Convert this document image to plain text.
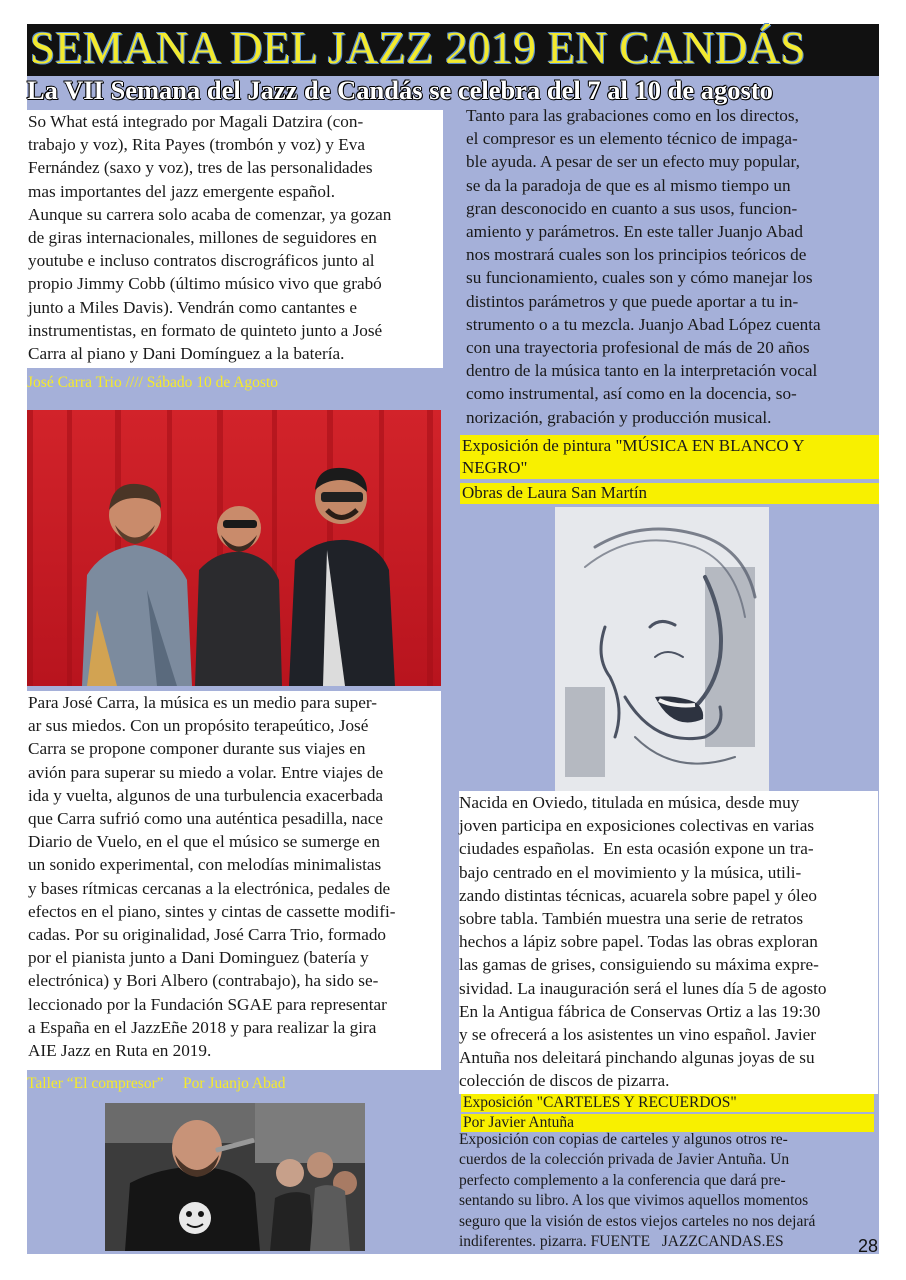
SEMANA DEL JAZZ 2019 EN CANDÁS
La VII Semana del Jazz de Candás se celebra del 7 al 10 de agosto
So What está integrado por Magali Datzira (con-
trabajo y voz), Rita Payes (trombón y voz) y Eva
Fernández (saxo y voz), tres de las personalidades
mas importantes del jazz emergente español.
Aunque su carrera solo acaba de comenzar, ya gozan
de giras internacionales, millones de seguidores en
youtube e incluso contratos discrográficos junto al
propio Jimmy Cobb (último músico vivo que grabó
junto a Miles Davis). Vendrán como cantantes e
instrumentistas, en formato de quinteto junto a José
Carra al piano y Dani Domínguez a la batería.
José Carra Trio //// Sábado 10 de Agosto
Para José Carra, la música es un medio para super-
ar sus miedos. Con un propósito terapeútico, José
Carra se propone componer durante sus viajes en
avión para superar su miedo a volar. Entre viajes de
ida y vuelta, algunos de una turbulencia exacerbada
que Carra sufrió como una auténtica pesadilla, nace
Diario de Vuelo, en el que el músico se sumerge en
un sonido experimental, con melodías minimalistas
y bases rítmicas cercanas a la electrónica, pedales de
efectos en el piano, sintes y cintas de cassette modifi-
cadas. Por su originalidad, José Carra Trio, formado
por el pianista junto a Dani Dominguez (batería y
electrónica) y Bori Albero (contrabajo), ha sido se-
leccionado por la Fundación SGAE para representar
a España en el JazzEñe 2018 y para realizar la gira
AIE Jazz en Ruta en 2019.
Taller “El compresor”     Por Juanjo Abad
Tanto para las grabaciones como en los directos,
el compresor es un elemento técnico de impaga-
ble ayuda. A pesar de ser un efecto muy popular,
se da la paradoja de que es al mismo tiempo un
gran desconocido en cuanto a sus usos, funcion-
amiento y parámetros. En este taller Juanjo Abad
nos mostrará cuales son los principios teóricos de
su funcionamiento, cuales son y cómo manejar los
distintos parámetros y que puede aportar a tu in-
strumento o a tu mezcla. Juanjo Abad López cuenta
con una trayectoria profesional de más de 20 años
dentro de la música tanto en la interpretación vocal
como instrumental, así como en la docencia, so-
norización, grabación y producción musical.

Exposición de pintura "MÚSICA EN BLANCO Y

NEGRO"

Obras de Laura San Martín

Nacida en Oviedo, titulada en música, desde muy
joven participa en exposiciones colectivas en varias
ciudades españolas.  En esta ocasión expone un tra-
bajo centrado en el movimiento y la música, utili-
zando distintas técnicas, acuarela sobre papel y óleo
sobre tabla. También muestra una serie de retratos
hechos a lápiz sobre papel. Todas las obras exploran
las gamas de grises, consiguiendo su máxima expre-
sividad. La inauguración será el lunes día 5 de agosto
En la Antigua fábrica de Conservas Ortiz a las 19:30
y se ofrecerá a los asistentes un vino español. Javier
Antuña nos deleitará pinchando algunas joyas de su
colección de discos de pizarra.

Exposición "CARTELES Y RECUERDOS"

Por Javier Antuña

Exposición con copias de carteles y algunos otros re-
cuerdos de la colección privada de Javier Antuña. Un
perfecto complemento a la conferencia que dará pre-
sentando su libro. A los que vivimos aquellos momentos
seguro que la visión de estos viejos carteles no nos dejará
indiferentes. pizarra. FUENTE   JAZZCANDAS.ES	28
